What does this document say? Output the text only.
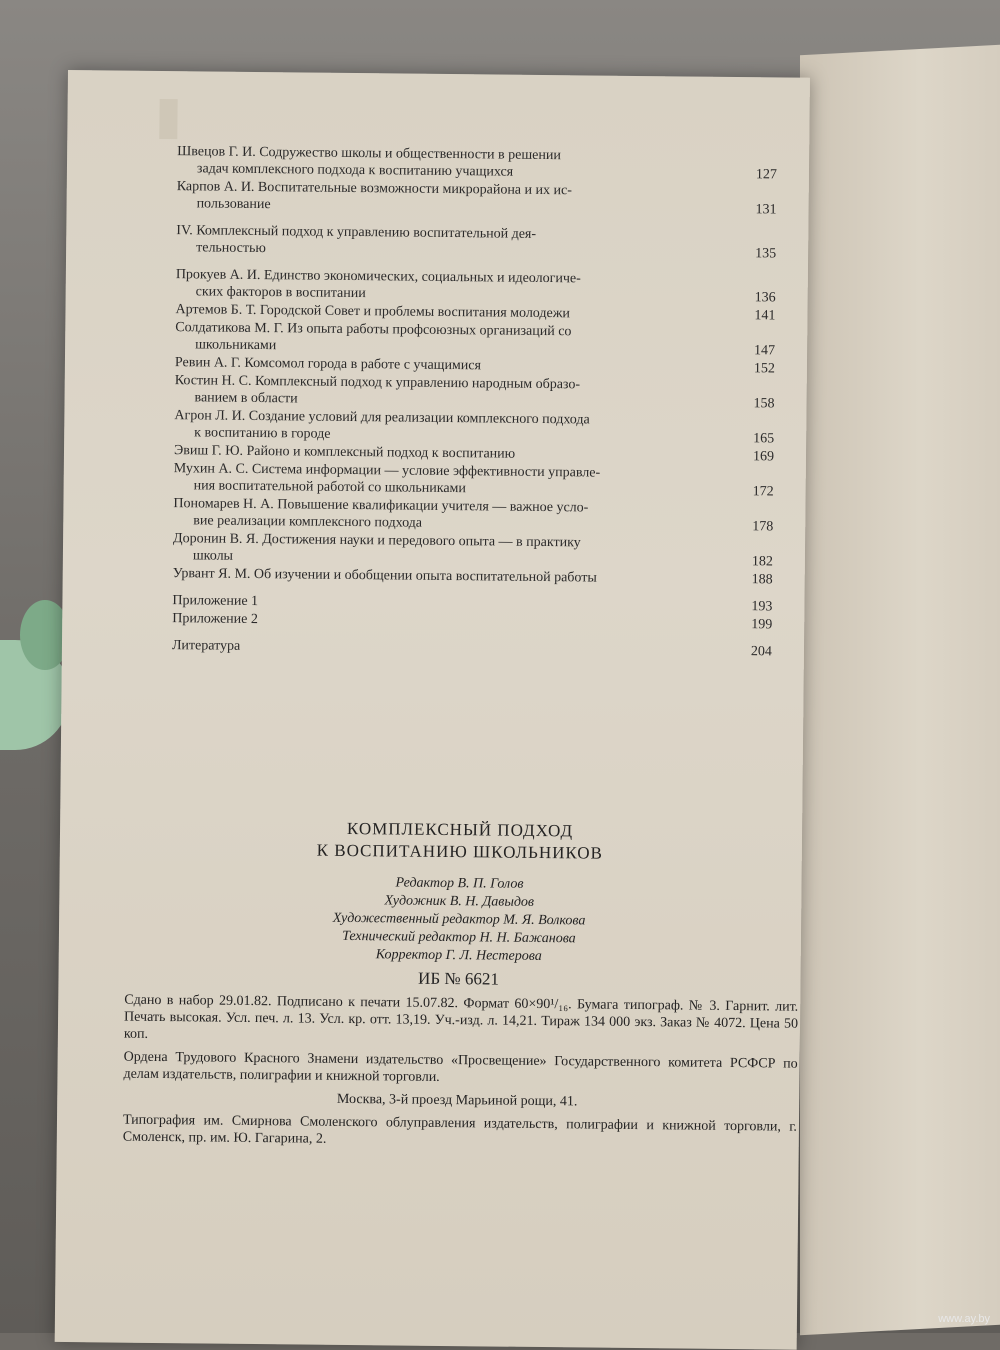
Швецов Г. И. Содружество школы и общественности в решении
задач комплексного подхода к воспитанию учащихся	127
Карпов А. И. Воспитательные возможности микрорайона и их ис-
пользование	131
IV. Комплексный подход к управлению воспитательной дея-
тельностью	135
Прокуев А. И. Единство экономических, социальных и идеологиче-
ских факторов в воспитании	136
Артемов Б. Т. Городской Совет и проблемы воспитания молодежи	141
Солдатикова М. Г. Из опыта работы профсоюзных организаций со
школьниками	147
Ревин А. Г. Комсомол города в работе с учащимися	152
Костин Н. С. Комплексный подход к управлению народным образо-
ванием в области	158
Агрон Л. И. Создание условий для реализации комплексного подхода
к воспитанию в городе	165
Эвиш Г. Ю. Районо и комплексный подход к воспитанию	169
Мухин А. С. Система информации — условие эффективности управле-
ния воспитательной работой со школьниками	172
Пономарев Н. А. Повышение квалификации учителя — важное усло-
вие реализации комплексного подхода	178
Доронин В. Я. Достижения науки и передового опыта — в практику
школы	182
Урвант Я. М. Об изучении и обобщении опыта воспитательной работы	188
Приложение 1	193
Приложение 2	199
Литература	204
КОМПЛЕКСНЫЙ ПОДХОД
К ВОСПИТАНИЮ ШКОЛЬНИКОВ
Редактор В. П. Голов
Художник В. Н. Давыдов
Художественный редактор М. Я. Волкова
Технический редактор Н. Н. Бажанова
Корректор Г. Л. Нестерова
ИБ № 6621
Сдано в набор 29.01.82. Подписано к печати 15.07.82. Формат 60×90¹/₁₆. Бумага типограф. № 3. Гарнит. лит. Печать высокая. Усл. печ. л. 13. Усл. кр. отт. 13,19. Уч.-изд. л. 14,21. Тираж 134 000 экз. Заказ № 4072. Цена 50 коп.
Ордена Трудового Красного Знамени издательство «Просвещение» Государственного комитета РСФСР по делам издательств, полиграфии и книжной торговли.
Москва, 3-й проезд Марьиной рощи, 41.
Типография им. Смирнова Смоленского облуправления издательств, полиграфии и книжной торговли, г. Смоленск, пр. им. Ю. Гагарина, 2.
www.ay.by
